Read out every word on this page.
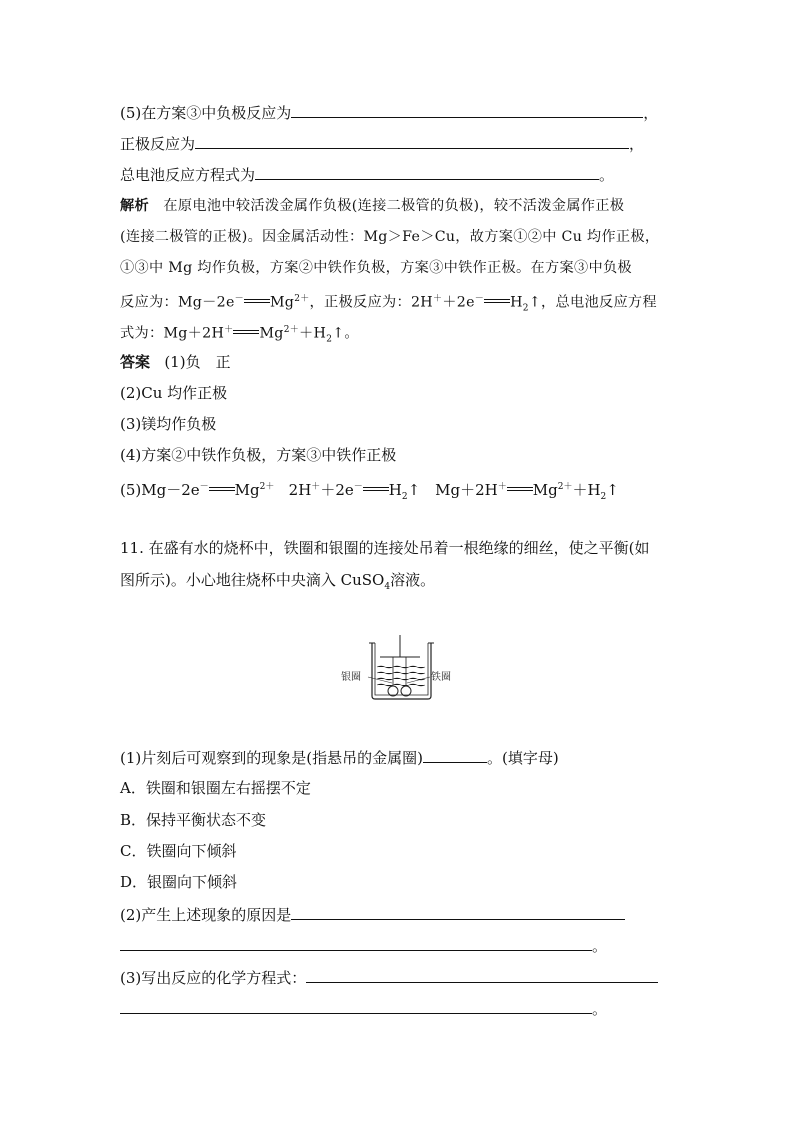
(5)在方案③中负极反应为	，
正极反应为	，
总电池反应方程式为	。
解析 在原电池中较活泼金属作负极(连接二极管的负极)，较不活泼金属作正极
(连接二极管的正极)。因金属活动性：Mg＞Fe＞Cu，故方案①②中 Cu 均作正极，
①③中 Mg 均作负极，方案②中铁作负极，方案③中铁作正极。在方案③中负极
反应为：Mg－2e－ $Mg^{2+}$，正极反应为：2H＋＋2e－ $H_2↑$，总电池反应方程
式为：Mg＋2H＋ $Mg^{2+}+H_2↑$。
答案 (1)负　正
(2)Cu 均作正极
(3)镁均作负极
(4)方案②中铁作负极，方案③中铁作正极
(5)Mg－2e－ $Mg^{2+}$ 2H＋＋2e－ $H_2↑$　Mg＋2H＋ $Mg^{2+}+H_2↑$
11. 在盛有水的烧杯中，铁圈和银圈的连接处吊着一根绝缘的细丝，使之平衡(如
图所示)。小心地往烧杯中央滴入 CuSO$_4$溶液。
银圈	铁圈
(1)片刻后可观察到的现象是(指悬吊的金属圈)	。(填字母)
A．铁圈和银圈左右摇摆不定
B．保持平衡状态不变
C．铁圈向下倾斜
D．银圈向下倾斜
(2)产生上述现象的原因是
。
(3)写出反应的化学方程式：
。
